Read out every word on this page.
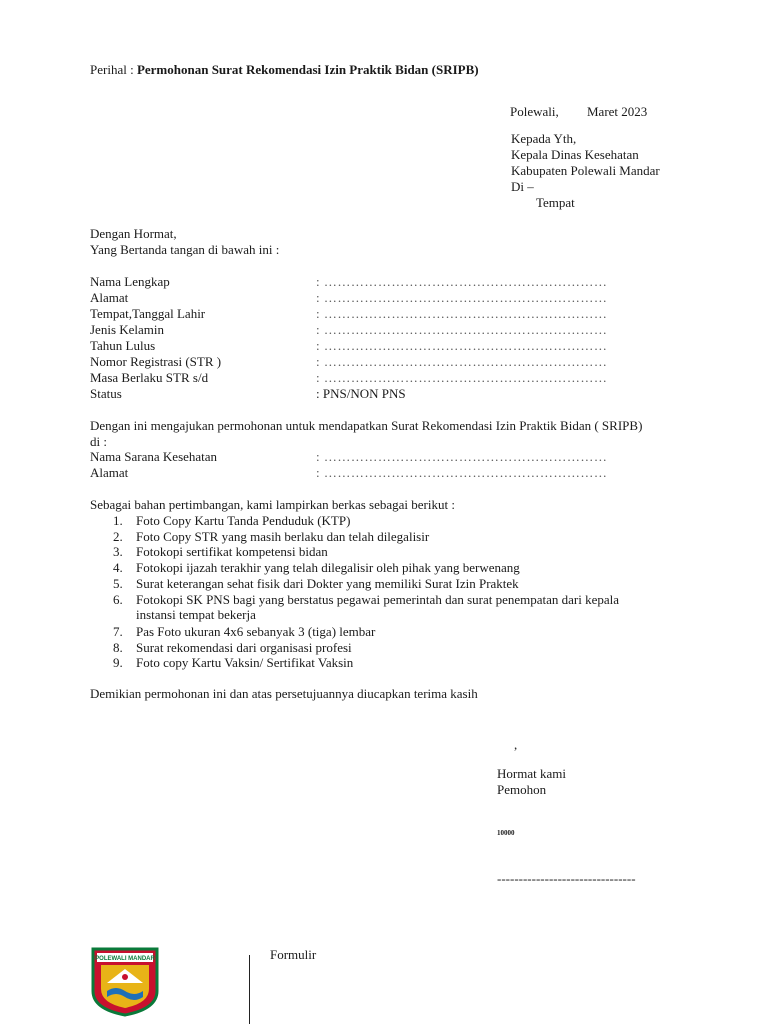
Perihal : Permohonan Surat Rekomendasi Izin Praktik Bidan (SRIPB)
Polewali, Maret 2023
Kepada Yth,
Kepala Dinas Kesehatan
Kabupaten Polewali Mandar
Di –
Tempat
Dengan Hormat,
Yang Bertanda tangan di bawah ini :
Nama Lengkap	: ………………………………………………………
Alamat	: ………………………………………………………
Tempat,Tanggal Lahir	: ………………………………………………………
Jenis Kelamin	: ………………………………………………………
Tahun Lulus	: ………………………………………………………
Nomor Registrasi (STR )	: ………………………………………………………
Masa Berlaku STR s/d	: ………………………………………………………
Status	: PNS/NON PNS
Dengan ini mengajukan permohonan untuk mendapatkan Surat Rekomendasi Izin Praktik Bidan ( SRIPB)
di :
Nama Sarana Kesehatan	: ………………………………………………………
Alamat	: ………………………………………………………
Sebagai bahan pertimbangan, kami lampirkan berkas sebagai berikut :
1. Foto Copy Kartu Tanda Penduduk (KTP)
2. Foto Copy STR yang masih berlaku dan telah dilegalisir
3. Fotokopi sertifikat kompetensi bidan
4. Fotokopi ijazah terakhir yang telah dilegalisir oleh pihak yang berwenang
5. Surat keterangan sehat fisik dari Dokter yang memiliki Surat Izin Praktek
6. Fotokopi SK PNS bagi yang berstatus pegawai pemerintah dan surat penempatan dari kepala
instansi tempat bekerja
7. Pas Foto ukuran 4x6 sebanyak 3 (tiga) lembar
8. Surat rekomendasi dari organisasi profesi
9. Foto copy Kartu Vaksin/ Sertifikat Vaksin
Demikian permohonan ini dan atas persetujuannya diucapkan terima kasih
,
Hormat kami
Pemohon
10000
--------------------------------
POLEWALI MANDAR	Formulir
